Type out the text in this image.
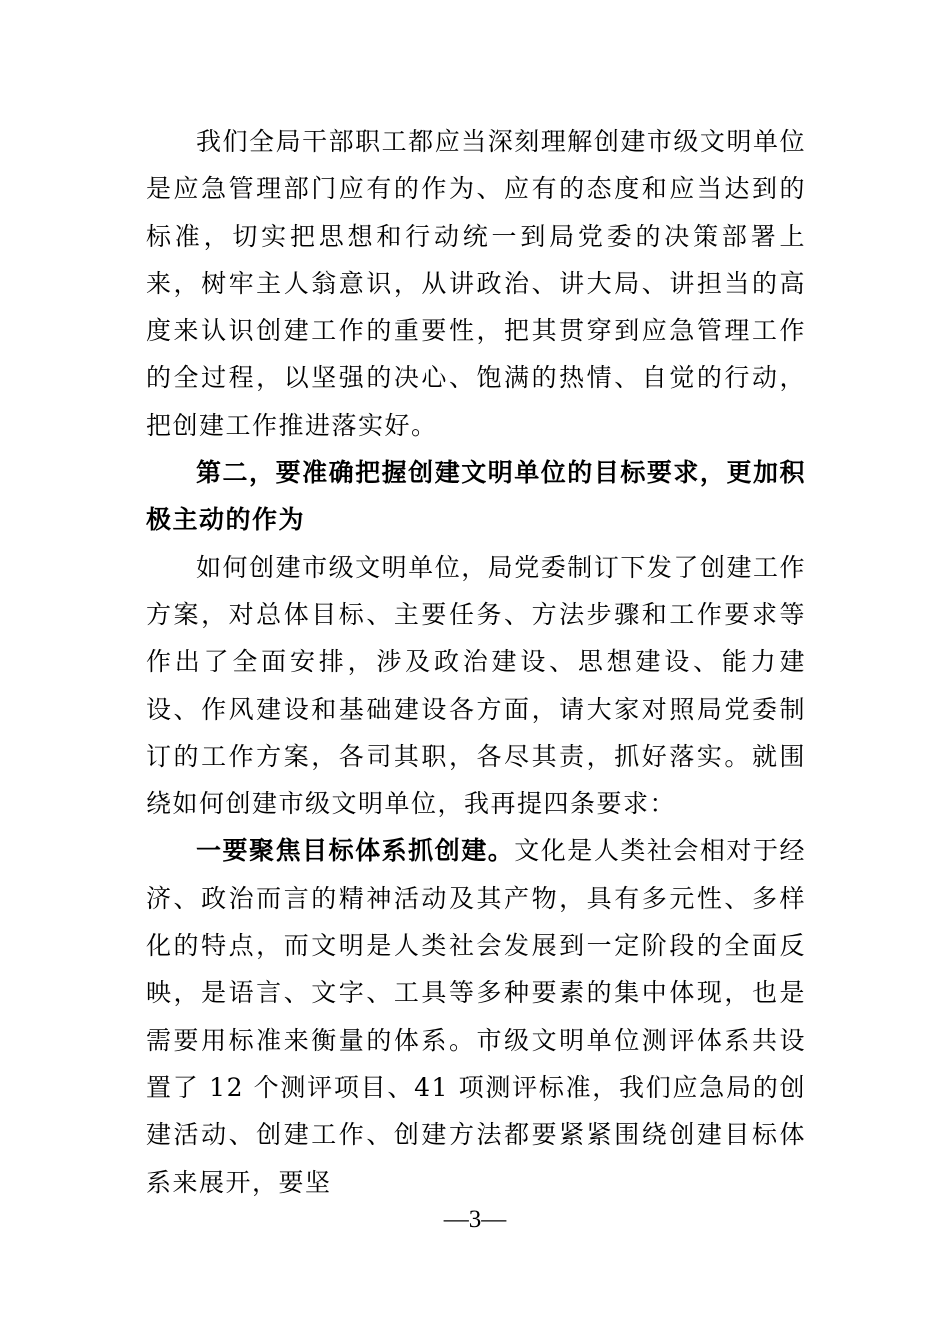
我们全局干部职工都应当深刻理解创建市级文明单位是应急管理部门应有的作为、应有的态度和应当达到的标准，切实把思想和行动统一到局党委的决策部署上来，树牢主人翁意识，从讲政治、讲大局、讲担当的高度来认识创建工作的重要性，把其贯穿到应急管理工作的全过程，以坚强的决心、饱满的热情、自觉的行动，把创建工作推进落实好。

第二，要准确把握创建文明单位的目标要求，更加积极主动的作为

如何创建市级文明单位，局党委制订下发了创建工作方案，对总体目标、主要任务、方法步骤和工作要求等作出了全面安排，涉及政治建设、思想建设、能力建设、作风建设和基础建设各方面，请大家对照局党委制订的工作方案，各司其职，各尽其责，抓好落实。就围绕如何创建市级文明单位，我再提四条要求：

一要聚焦目标体系抓创建。文化是人类社会相对于经济、政治而言的精神活动及其产物，具有多元性、多样化的特点，而文明是人类社会发展到一定阶段的全面反映，是语言、文字、工具等多种要素的集中体现，也是需要用标准来衡量的体系。市级文明单位测评体系共设置了 12 个测评项目、41 项测评标准，我们应急局的创建活动、创建工作、创建方法都要紧紧围绕创建目标体系来展开，要坚

—3—
